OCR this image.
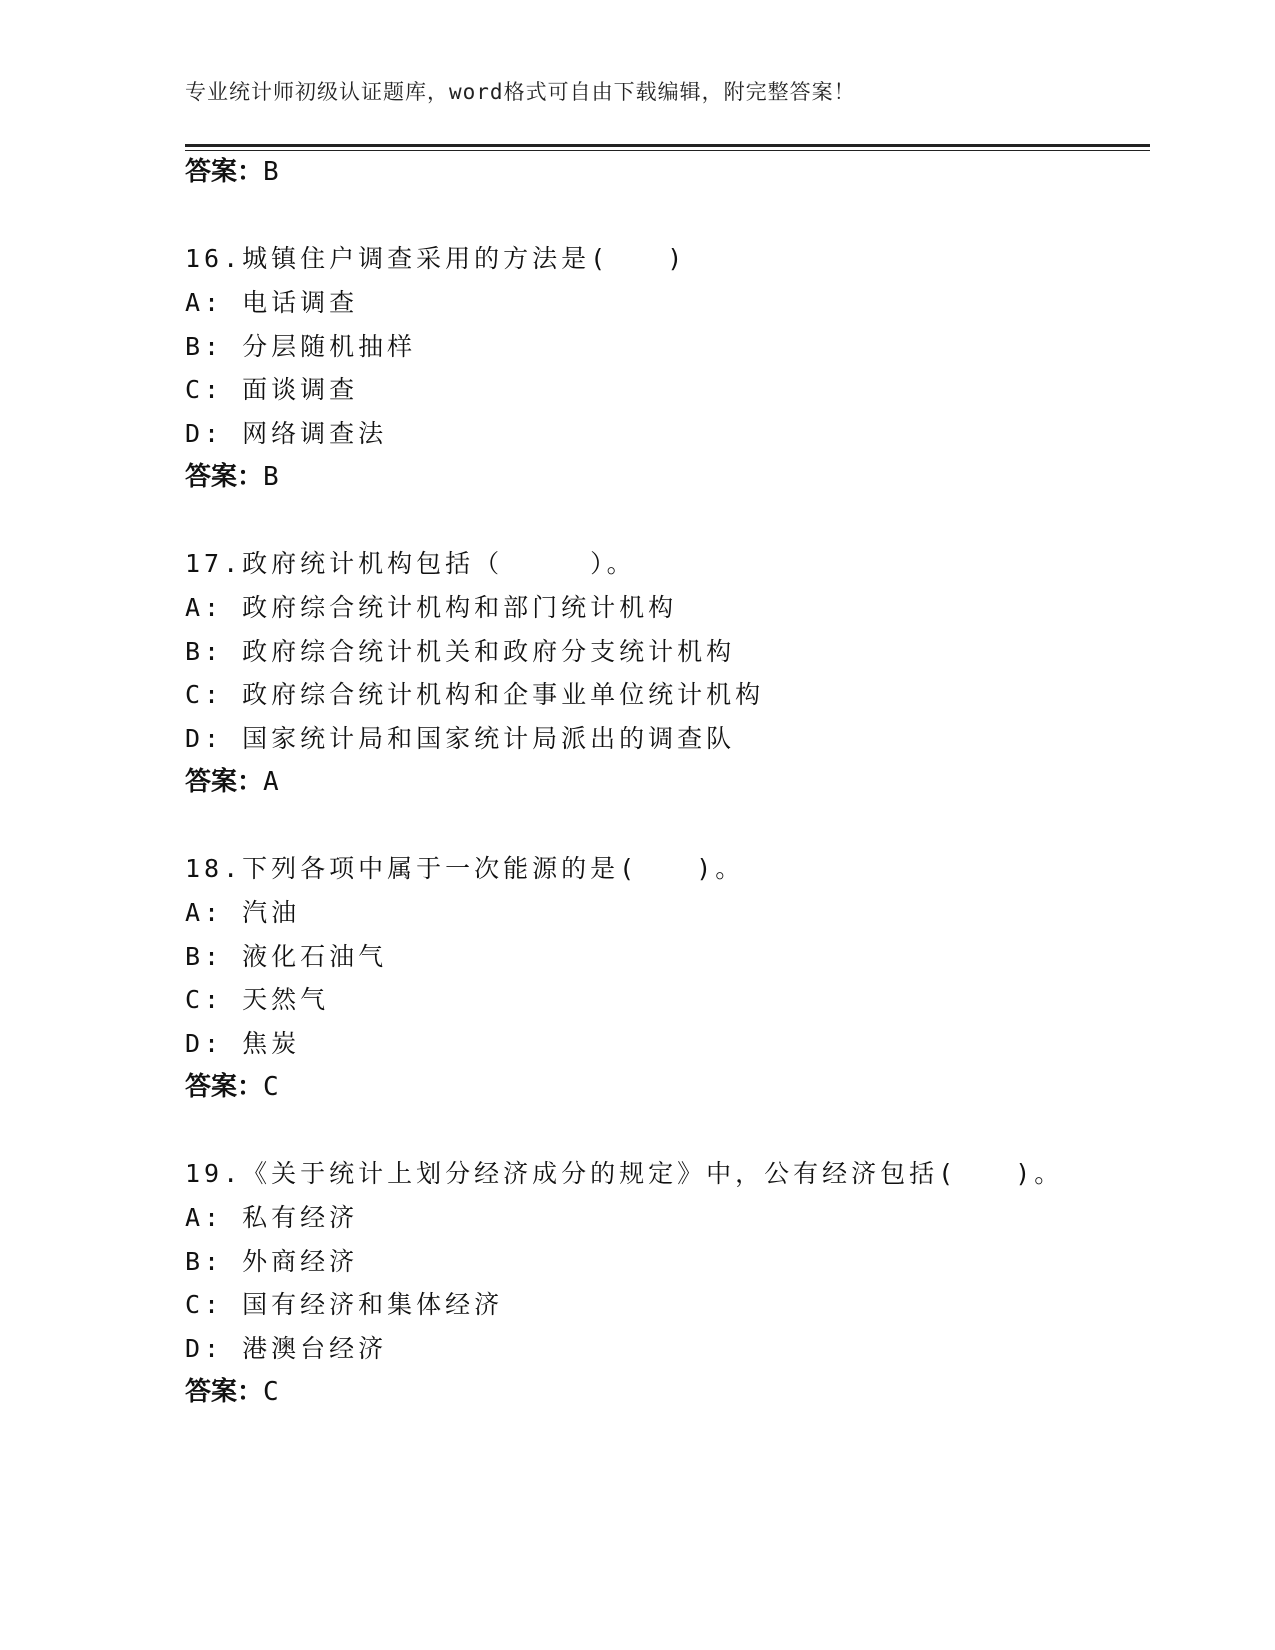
专业统计师初级认证题库，word格式可自由下载编辑，附完整答案！
答案：B
16.城镇住户调查采用的方法是(　　)
A: 电话调查
B: 分层随机抽样
C: 面谈调查
D: 网络调查法
答案：B
17.政府统计机构包括（　　　）。
A: 政府综合统计机构和部门统计机构
B: 政府综合统计机关和政府分支统计机构
C: 政府综合统计机构和企事业单位统计机构
D: 国家统计局和国家统计局派出的调查队
答案：A
18.下列各项中属于一次能源的是(　　)。
A: 汽油
B: 液化石油气
C: 天然气
D: 焦炭
答案：C
19.《关于统计上划分经济成分的规定》中，公有经济包括(　　)。
A: 私有经济
B: 外商经济
C: 国有经济和集体经济
D: 港澳台经济
答案：C
